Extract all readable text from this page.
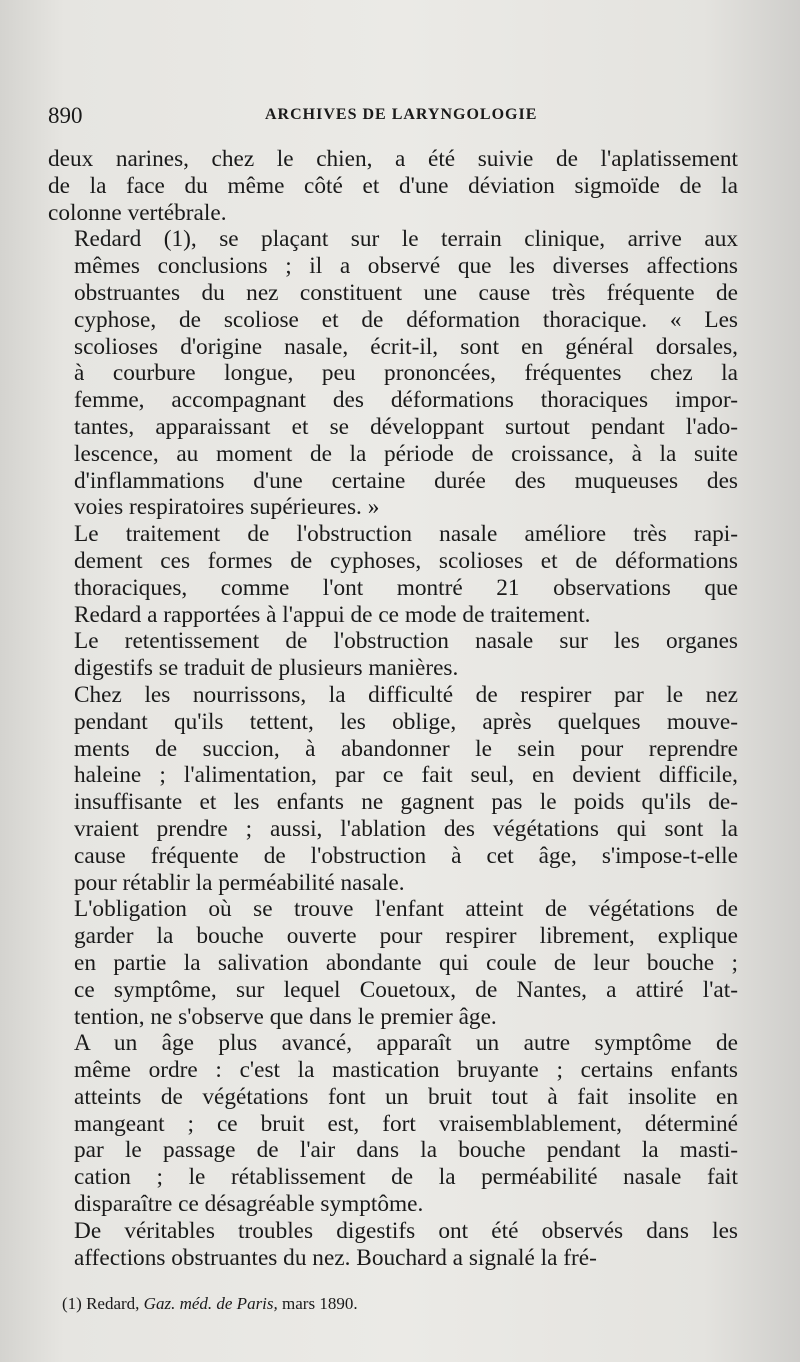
890	ARCHIVES DE LARYNGOLOGIE

deux narines, chez le chien, a été suivie de l'aplatissement
de la face du même côté et d'une déviation sigmoïde de la
colonne vertébrale.

Redard (1), se plaçant sur le terrain clinique, arrive aux
mêmes conclusions ; il a observé que les diverses affections
obstruantes du nez constituent une cause très fréquente de
cyphose, de scoliose et de déformation thoracique. « Les
scolioses d'origine nasale, écrit-il, sont en général dorsales,
à courbure longue, peu prononcées, fréquentes chez la
femme, accompagnant des déformations thoraciques impor-
tantes, apparaissant et se développant surtout pendant l'ado-
lescence, au moment de la période de croissance, à la suite
d'inflammations d'une certaine durée des muqueuses des
voies respiratoires supérieures. »

Le traitement de l'obstruction nasale améliore très rapi-
dement ces formes de cyphoses, scolioses et de déformations
thoraciques, comme l'ont montré 21 observations que
Redard a rapportées à l'appui de ce mode de traitement.

Le retentissement de l'obstruction nasale sur les organes
digestifs se traduit de plusieurs manières.

Chez les nourrissons, la difficulté de respirer par le nez
pendant qu'ils tettent, les oblige, après quelques mouve-
ments de succion, à abandonner le sein pour reprendre
haleine ; l'alimentation, par ce fait seul, en devient difficile,
insuffisante et les enfants ne gagnent pas le poids qu'ils de-
vraient prendre ; aussi, l'ablation des végétations qui sont la
cause fréquente de l'obstruction à cet âge, s'impose-t-elle
pour rétablir la perméabilité nasale.

L'obligation où se trouve l'enfant atteint de végétations de
garder la bouche ouverte pour respirer librement, explique
en partie la salivation abondante qui coule de leur bouche ;
ce symptôme, sur lequel Couetoux, de Nantes, a attiré l'at-
tention, ne s'observe que dans le premier âge.

A un âge plus avancé, apparaît un autre symptôme de
même ordre : c'est la mastication bruyante ; certains enfants
atteints de végétations font un bruit tout à fait insolite en
mangeant ; ce bruit est, fort vraisemblablement, déterminé
par le passage de l'air dans la bouche pendant la masti-
cation ; le rétablissement de la perméabilité nasale fait
disparaître ce désagréable symptôme.

De véritables troubles digestifs ont été observés dans les
affections obstruantes du nez. Bouchard a signalé la fré-

(1) Redard, Gaz. méd. de Paris, mars 1890.
